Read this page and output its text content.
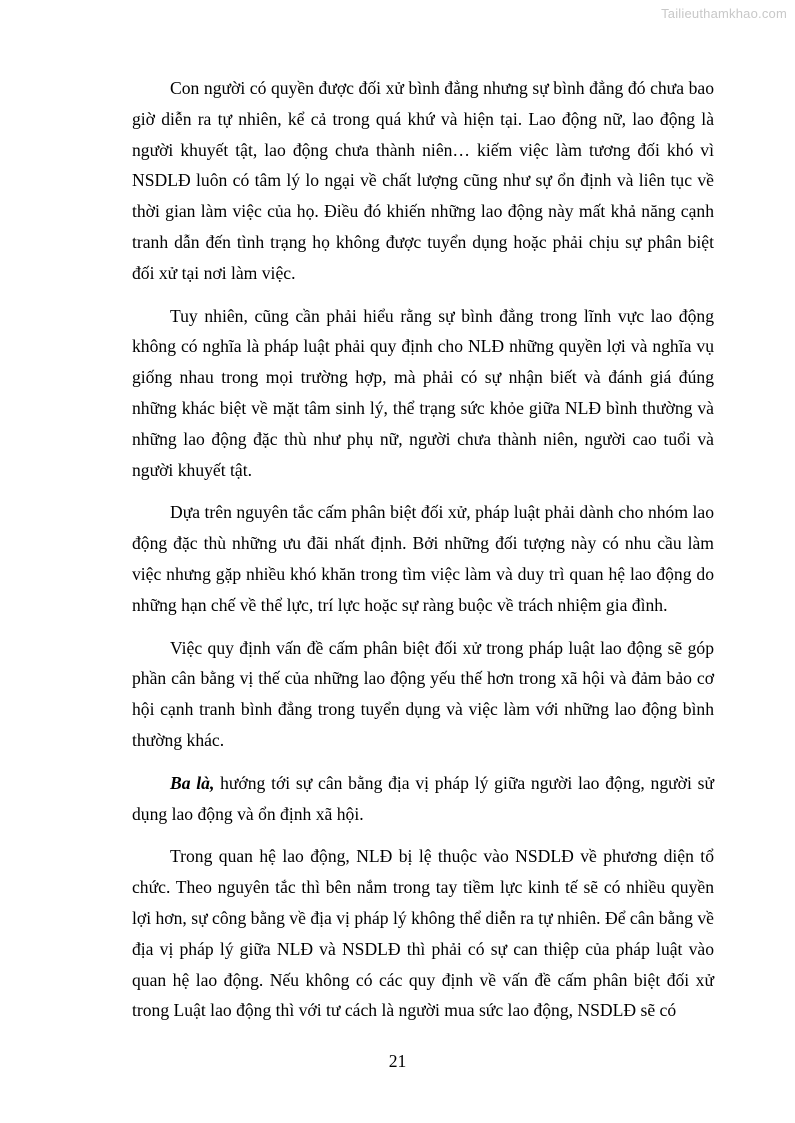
Tailieuthamkhao.com

Con người có quyền được đối xử bình đẳng nhưng sự bình đẳng đó chưa bao giờ diễn ra tự nhiên, kể cả trong quá khứ và hiện tại. Lao động nữ, lao động là người khuyết tật, lao động chưa thành niên… kiếm việc làm tương đối khó vì NSDLĐ luôn có tâm lý lo ngại về chất lượng cũng như sự ổn định và liên tục về thời gian làm việc của họ. Điều đó khiến những lao động này mất khả năng cạnh tranh dẫn đến tình trạng họ không được tuyển dụng hoặc phải chịu sự phân biệt đối xử tại nơi làm việc.

Tuy nhiên, cũng cần phải hiểu rằng sự bình đẳng trong lĩnh vực lao động không có nghĩa là pháp luật phải quy định cho NLĐ những quyền lợi và nghĩa vụ giống nhau trong mọi trường hợp, mà phải có sự nhận biết và đánh giá đúng những khác biệt về mặt tâm sinh lý, thể trạng sức khỏe giữa NLĐ bình thường và những lao động đặc thù như phụ nữ, người chưa thành niên, người cao tuổi và người khuyết tật.

Dựa trên nguyên tắc cấm phân biệt đối xử, pháp luật phải dành cho nhóm lao động đặc thù những ưu đãi nhất định. Bởi những đối tượng này có nhu cầu làm việc nhưng gặp nhiều khó khăn trong tìm việc làm và duy trì quan hệ lao động do những hạn chế về thể lực, trí lực hoặc sự ràng buộc về trách nhiệm gia đình.

Việc quy định vấn đề cấm phân biệt đối xử trong pháp luật lao động sẽ góp phần cân bằng vị thế của những lao động yếu thế hơn trong xã hội và đảm bảo cơ hội cạnh tranh bình đẳng trong tuyển dụng và việc làm với những lao động bình thường khác.

Ba là, hướng tới sự cân bằng địa vị pháp lý giữa người lao động, người sử dụng lao động và ổn định xã hội.

Trong quan hệ lao động, NLĐ bị lệ thuộc vào NSDLĐ về phương diện tổ chức. Theo nguyên tắc thì bên nắm trong tay tiềm lực kinh tế sẽ có nhiều quyền lợi hơn, sự công bằng về địa vị pháp lý không thể diễn ra tự nhiên. Để cân bằng về địa vị pháp lý giữa NLĐ và NSDLĐ thì phải có sự can thiệp của pháp luật vào quan hệ lao động. Nếu không có các quy định về vấn đề cấm phân biệt đối xử trong Luật lao động thì với tư cách là người mua sức lao động, NSDLĐ sẽ có

21
